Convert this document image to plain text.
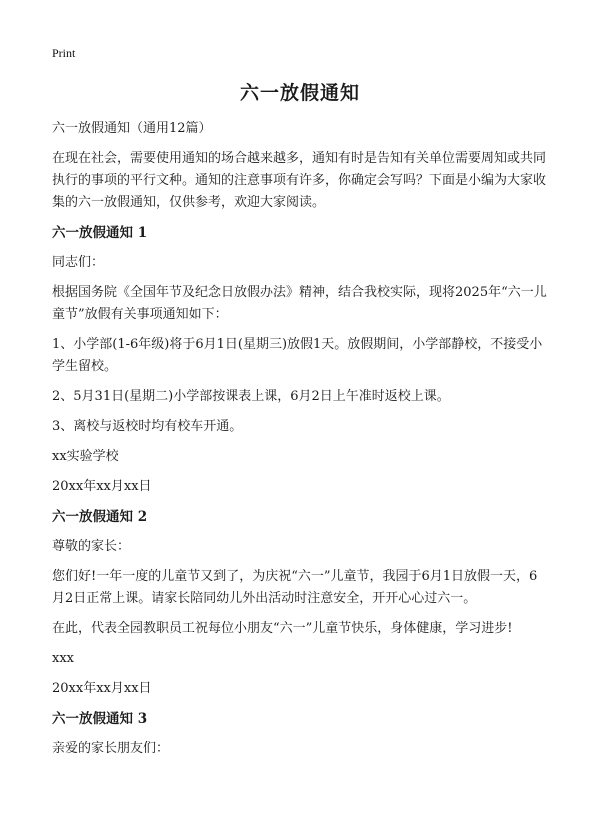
Print
六一放假通知

六一放假通知（通用12篇）

在现在社会，需要使用通知的场合越来越多，通知有时是告知有关单位需要周知或共同执行的事项的平行文种。通知的注意事项有许多，你确定会写吗？下面是小编为大家收集的六一放假通知，仅供参考，欢迎大家阅读。

六一放假通知 1

同志们：

根据国务院《全国年节及纪念日放假办法》精神，结合我校实际，现将2025年“六一儿童节”放假有关事项通知如下：

1、小学部(1-6年级)将于6月1日(星期三)放假1天。放假期间，小学部静校，不接受小学生留校。

2、5月31日(星期二)小学部按课表上课，6月2日上午准时返校上课。

3、离校与返校时均有校车开通。

xx实验学校

20xx年xx月xx日

六一放假通知 2

尊敬的家长：

您们好!一年一度的儿童节又到了，为庆祝“六一”儿童节，我园于6月1日放假一天，6月2日正常上课。请家长陪同幼儿外出活动时注意安全，开开心心过六一。

在此，代表全园教职员工祝每位小朋友“六一”儿童节快乐，身体健康，学习进步!

xxx

20xx年xx月xx日

六一放假通知 3

亲爱的家长朋友们：
